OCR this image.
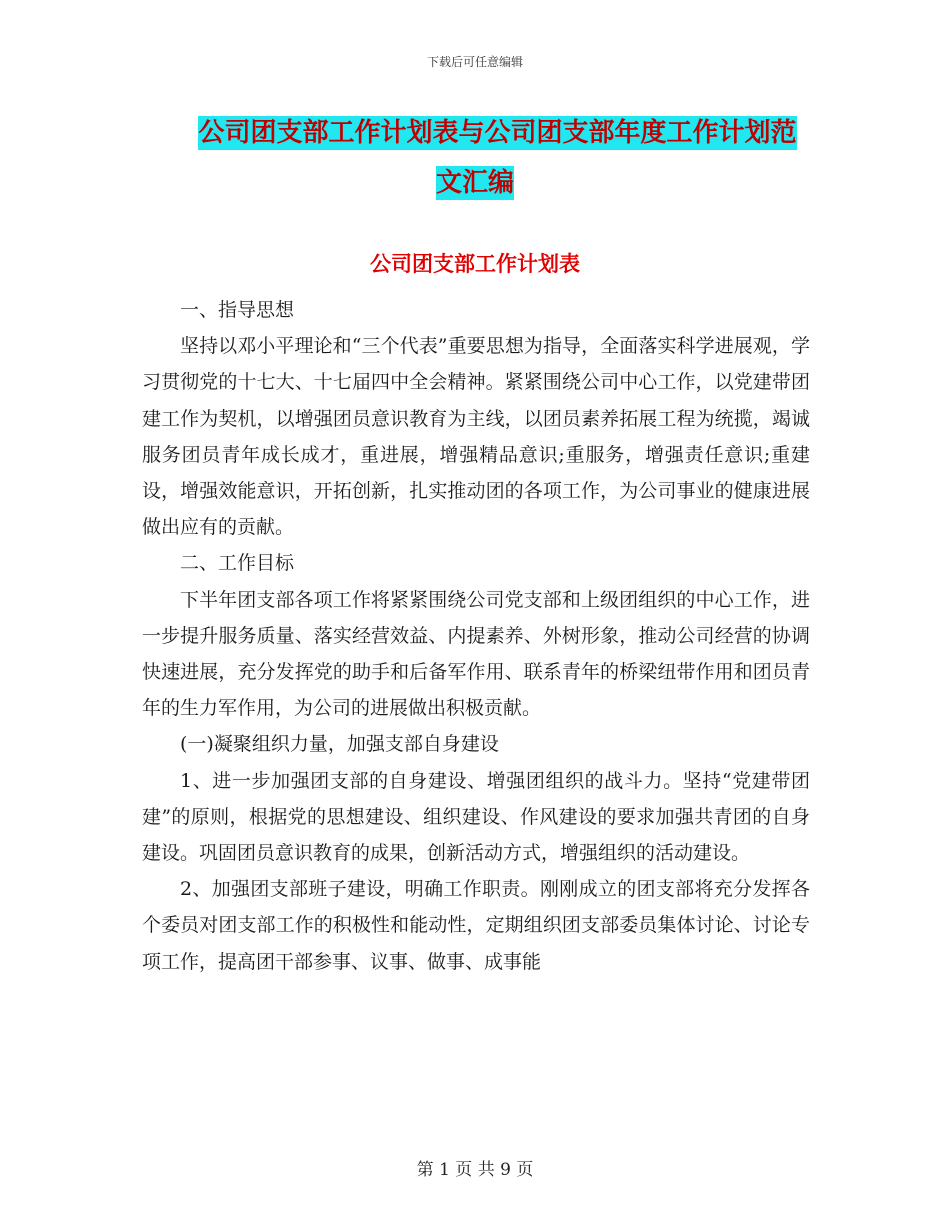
下载后可任意编辑
公司团支部工作计划表与公司团支部年度工作计划范
文汇编
公司团支部工作计划表

一、指导思想

坚持以邓小平理论和“三个代表”重要思想为指导，全面落实科学进展观，学习贯彻党的十七大、十七届四中全会精神。紧紧围绕公司中心工作，以党建带团建工作为契机，以增强团员意识教育为主线，以团员素养拓展工程为统揽，竭诚服务团员青年成长成才，重进展，增强精品意识;重服务，增强责任意识;重建设，增强效能意识，开拓创新，扎实推动团的各项工作，为公司事业的健康进展做出应有的贡献。

二、工作目标

下半年团支部各项工作将紧紧围绕公司党支部和上级团组织的中心工作，进一步提升服务质量、落实经营效益、内提素养、外树形象，推动公司经营的协调快速进展，充分发挥党的助手和后备军作用、联系青年的桥梁纽带作用和团员青年的生力军作用，为公司的进展做出积极贡献。

(一)凝聚组织力量，加强支部自身建设

1、进一步加强团支部的自身建设、增强团组织的战斗力。坚持“党建带团建”的原则，根据党的思想建设、组织建设、作风建设的要求加强共青团的自身建设。巩固团员意识教育的成果，创新活动方式，增强组织的活动建设。

2、加强团支部班子建设，明确工作职责。刚刚成立的团支部将充分发挥各个委员对团支部工作的积极性和能动性，定期组织团支部委员集体讨论、讨论专项工作，提高团干部参事、议事、做事、成事能

第 1 页 共 9 页
